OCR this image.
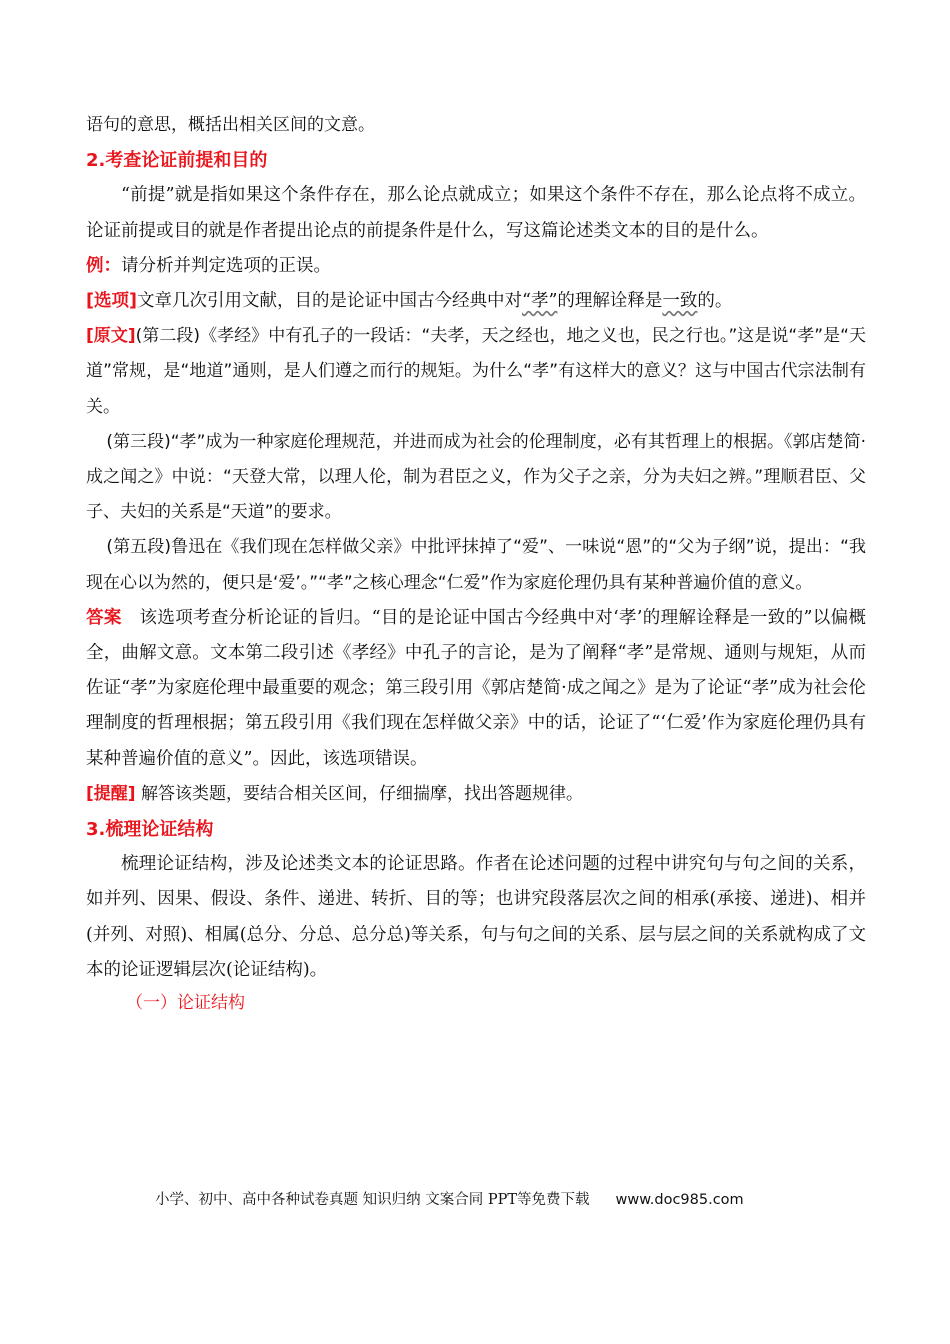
语句的意思，概括出相关区间的文意。

2.考查论证前提和目的

“前提”就是指如果这个条件存在，那么论点就成立；如果这个条件不存在，那么论点将不成立。论证前提或目的就是作者提出论点的前提条件是什么，写这篇论述类文本的目的是什么。

例：请分析并判定选项的正误。

[选项]文章几次引用文献，目的是论证中国古今经典中对“孝”的理解诠释是一致的。

[原文](第二段)《孝经》中有孔子的一段话：“夫孝，天之经也，地之义也，民之行也。”这是说“孝”是“天道”常规，是“地道”通则，是人们遵之而行的规矩。为什么“孝”有这样大的意义？这与中国古代宗法制有关。

(第三段)“孝”成为一种家庭伦理规范，并进而成为社会的伦理制度，必有其哲理上的根据。《郭店楚简·成之闻之》中说：“天登大常，以理人伦，制为君臣之义，作为父子之亲，分为夫妇之辨。”理顺君臣、父子、夫妇的关系是“天道”的要求。

(第五段)鲁迅在《我们现在怎样做父亲》中批评抹掉了“爱”、一味说“恩”的“父为子纲”说，提出：“我现在心以为然的，便只是‘爱’。”“孝”之核心理念“仁爱”作为家庭伦理仍具有某种普遍价值的意义。

答案 该选项考查分析论证的旨归。“目的是论证中国古今经典中对‘孝’的理解诠释是一致的”以偏概全，曲解文意。文本第二段引述《孝经》中孔子的言论，是为了阐释“孝”是常规、通则与规矩，从而佐证“孝”为家庭伦理中最重要的观念；第三段引用《郭店楚简·成之闻之》是为了论证“孝”成为社会伦理制度的哲理根据；第五段引用《我们现在怎样做父亲》中的话，论证了“‘仁爱’作为家庭伦理仍具有某种普遍价值的意义”。因此，该选项错误。

[提醒] 解答该类题，要结合相关区间，仔细揣摩，找出答题规律。

3.梳理论证结构

梳理论证结构，涉及论述类文本的论证思路。作者在论述问题的过程中讲究句与句之间的关系，如并列、因果、假设、条件、递进、转折、目的等；也讲究段落层次之间的相承(承接、递进)、相并(并列、对照)、相属(总分、分总、总分总)等关系，句与句之间的关系、层与层之间的关系就构成了文本的论证逻辑层次(论证结构)。

（一）论证结构

小学、初中、高中各种试卷真题 知识归纳 文案合同 PPT等免费下载 www.doc985.com
